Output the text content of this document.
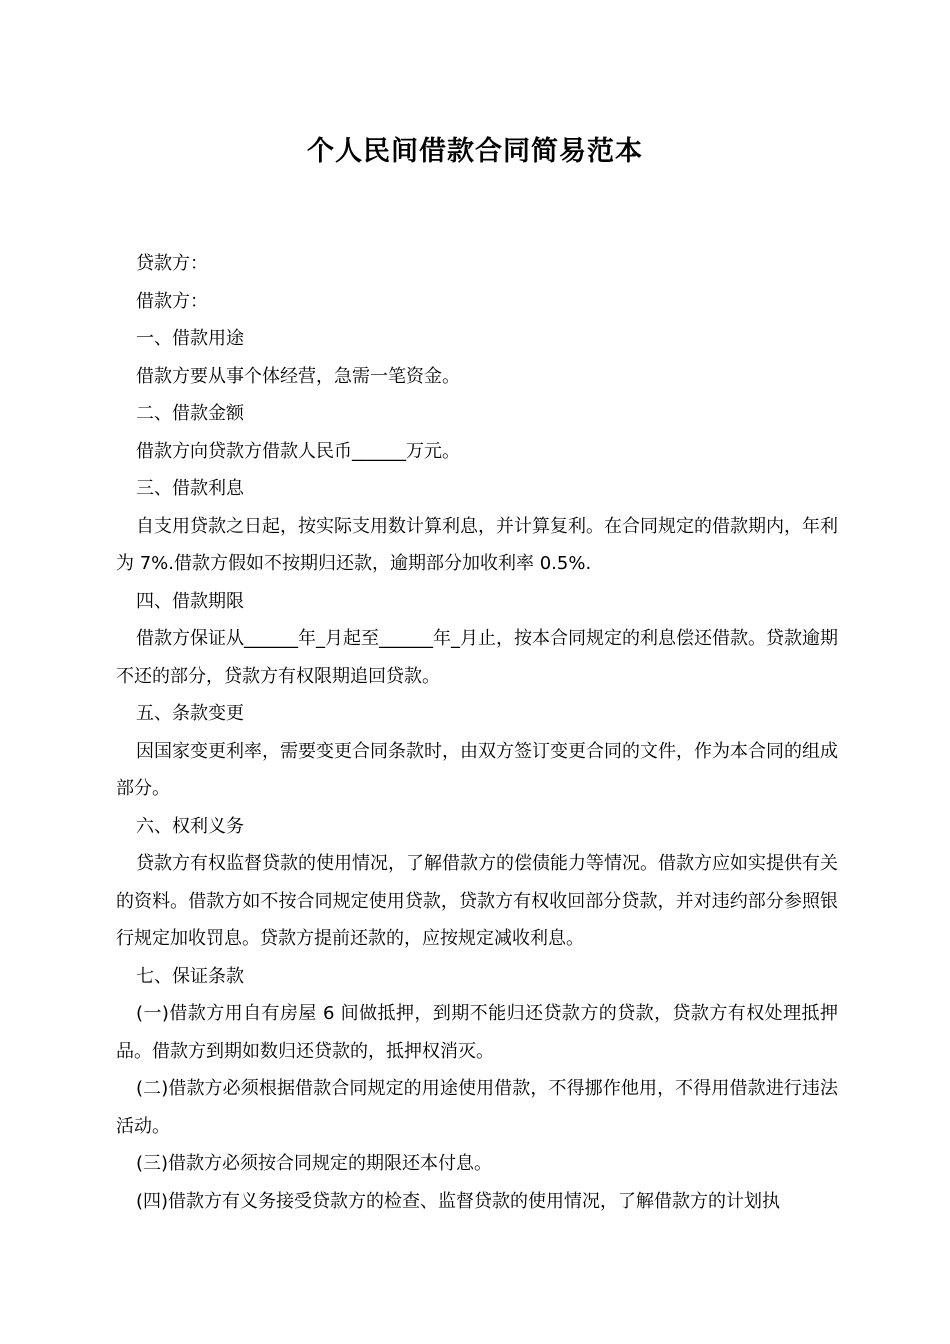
个人民间借款合同简易范本

贷款方：

借款方：

一、借款用途

借款方要从事个体经营，急需一笔资金。

二、借款金额

借款方向贷款方借款人民币______万元。

三、借款利息

自支用贷款之日起，按实际支用数计算利息，并计算复利。在合同规定的借款期内，年利为 7%.借款方假如不按期归还款，逾期部分加收利率 0.5%.

四、借款期限

借款方保证从______年_月起至______年_月止，按本合同规定的利息偿还借款。贷款逾期不还的部分，贷款方有权限期追回贷款。

五、条款变更

因国家变更利率，需要变更合同条款时，由双方签订变更合同的文件，作为本合同的组成部分。

六、权利义务

贷款方有权监督贷款的使用情况，了解借款方的偿债能力等情况。借款方应如实提供有关的资料。借款方如不按合同规定使用贷款，贷款方有权收回部分贷款，并对违约部分参照银行规定加收罚息。贷款方提前还款的，应按规定减收利息。

七、保证条款

(一)借款方用自有房屋 6 间做抵押，到期不能归还贷款方的贷款，贷款方有权处理抵押品。借款方到期如数归还贷款的，抵押权消灭。

(二)借款方必须根据借款合同规定的用途使用借款，不得挪作他用，不得用借款进行违法活动。

(三)借款方必须按合同规定的期限还本付息。

(四)借款方有义务接受贷款方的检查、监督贷款的使用情况，了解借款方的计划执
